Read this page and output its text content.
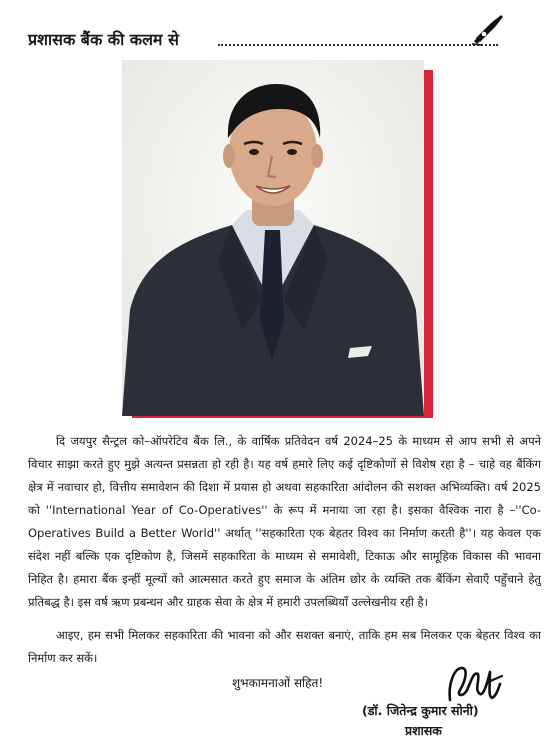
प्रशासक बैंक की कलम से

दि जयपुर सैन्ट्रल को–ऑपरेटिव बैंक लि., के वार्षिक प्रतिवेदन वर्ष 2024–25 के माध्यम से आप सभी से अपने विचार साझा करते हुए मुझे अत्यन्त प्रसन्नता हो रही है। यह वर्ष हमारे लिए कई दृष्टिकोणों से विशेष रहा है – चाहे वह बैंकिंग क्षेत्र में नवाचार हो, वित्तीय समावेशन की दिशा में प्रयास हो अथवा सहकारिता आंदोलन की सशक्त अभिव्यक्ति। वर्ष 2025 को ''International Year of Co-Operatives'' के रूप में मनाया जा रहा है। इसका वैश्विक नारा है –''Co-Operatives Build a Better World'' अर्थात् ''सहकारिता एक बेहतर विश्व का निर्माण करती है''। यह केवल एक संदेश नहीं बल्कि एक दृष्टिकोण है, जिसमें सहकारिता के माध्यम से समावेशी, टिकाऊ और सामूहिक विकास की भावना निहित है। हमारा बैंक इन्हीं मूल्यों को आत्मसात करते हुए समाज के अंतिम छोर के व्यक्ति तक बैंकिंग सेवाएँ पहुँचाने हेतु प्रतिबद्ध है। इस वर्ष ऋण प्रबन्धन और ग्राहक सेवा के क्षेत्र में हमारी उपलब्धियाँ उल्लेखनीय रही है।

आइए, हम सभी मिलकर सहकारिता की भावना को और सशक्त बनाएं, ताकि हम सब मिलकर एक बेहतर विश्व का निर्माण कर सकें।

शुभकामनाओं सहित!
(डॉ. जितेन्द्र कुमार सोनी)
प्रशासक
